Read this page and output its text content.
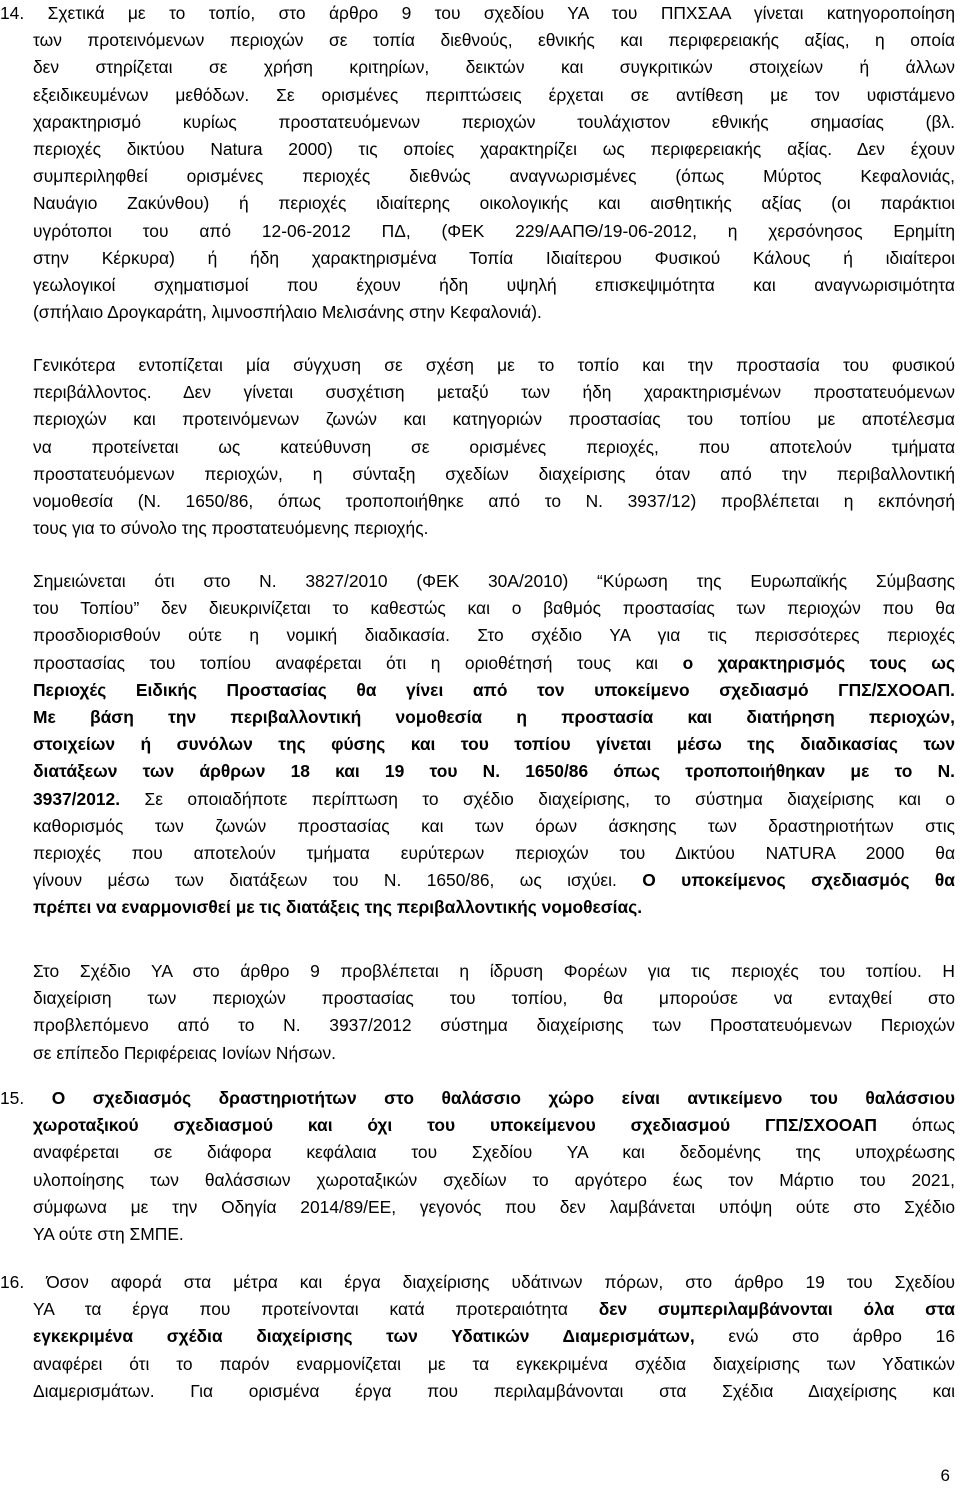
14. Σχετικά με το τοπίο, στο άρθρο 9 του σχεδίου ΥΑ του ΠΠΧΣΑΑ γίνεται κατηγοροποίηση
των προτεινόμενων περιοχών σε τοπία διεθνούς, εθνικής και περιφερειακής αξίας, η οποία
δεν στηρίζεται σε χρήση κριτηρίων, δεικτών και συγκριτικών στοιχείων ή άλλων
εξειδικευμένων μεθόδων. Σε ορισμένες περιπτώσεις έρχεται σε αντίθεση με τον υφιστάμενο
χαρακτηρισμό κυρίως προστατευόμενων περιοχών τουλάχιστον εθνικής σημασίας (βλ.
περιοχές δικτύου Natura 2000) τις οποίες χαρακτηρίζει ως περιφερειακής αξίας. Δεν έχουν
συμπεριληφθεί ορισμένες περιοχές διεθνώς αναγνωρισμένες (όπως Μύρτος Κεφαλονιάς,
Ναυάγιο Ζακύνθου) ή περιοχές ιδιαίτερης οικολογικής και αισθητικής αξίας (οι παράκτιοι
υγρότοποι του από 12-06-2012 ΠΔ, (ΦΕΚ 229/ΑΑΠΘ/19-06-2012, η χερσόνησος Ερημίτη
στην Κέρκυρα) ή ήδη χαρακτηρισμένα Τοπία Ιδιαίτερου Φυσικού Κάλους ή ιδιαίτεροι
γεωλογικοί σχηματισμοί που έχουν ήδη υψηλή επισκεψιμότητα και αναγνωρισιμότητα
(σπήλαιο Δρογκαράτη, λιμνοσπήλαιο Μελισάνης στην Κεφαλονιά).
Γενικότερα εντοπίζεται μία σύγχυση σε σχέση με το τοπίο και την προστασία του φυσικού
περιβάλλοντος. Δεν γίνεται συσχέτιση μεταξύ των ήδη χαρακτηρισμένων προστατευόμενων
περιοχών και προτεινόμενων ζωνών και κατηγοριών προστασίας του τοπίου με αποτέλεσμα
να προτείνεται ως κατεύθυνση σε ορισμένες περιοχές, που αποτελούν τμήματα
προστατευόμενων περιοχών, η σύνταξη σχεδίων διαχείρισης όταν από την περιβαλλοντική
νομοθεσία (Ν. 1650/86, όπως τροποποιήθηκε από το Ν. 3937/12) προβλέπεται η εκπόνησή
τους για το σύνολο της προστατευόμενης περιοχής.
Σημειώνεται ότι στο Ν. 3827/2010 (ΦΕΚ 30Α/2010) “Κύρωση της Ευρωπαϊκής Σύμβασης
του Τοπίου” δεν διευκρινίζεται το καθεστώς και ο βαθμός προστασίας των περιοχών που θα
προσδιορισθούν ούτε η νομική διαδικασία. Στο σχέδιο ΥΑ για τις περισσότερες περιοχές
προστασίας του τοπίου αναφέρεται ότι η οριοθέτησή τους και ο χαρακτηρισμός τους ως
Περιοχές Ειδικής Προστασίας θα γίνει από τον υποκείμενο σχεδιασμό ΓΠΣ/ΣΧΟΟΑΠ.
Με βάση την περιβαλλοντική νομοθεσία η προστασία και διατήρηση περιοχών,
στοιχείων ή συνόλων της φύσης και του τοπίου γίνεται μέσω της διαδικασίας των
διατάξεων των άρθρων 18 και 19 του Ν. 1650/86 όπως τροποποιήθηκαν με το Ν.
3937/2012. Σε οποιαδήποτε περίπτωση το σχέδιο διαχείρισης, το σύστημα διαχείρισης και ο
καθορισμός των ζωνών προστασίας και των όρων άσκησης των δραστηριοτήτων στις
περιοχές που αποτελούν τμήματα ευρύτερων περιοχών του Δικτύου NATURA 2000 θα
γίνουν μέσω των διατάξεων του Ν. 1650/86, ως ισχύει. Ο υποκείμενος σχεδιασμός θα
πρέπει να εναρμονισθεί με τις διατάξεις της περιβαλλοντικής νομοθεσίας.
Στο Σχέδιο ΥΑ στο άρθρο 9 προβλέπεται η ίδρυση Φορέων για τις περιοχές του τοπίου. Η
διαχείριση των περιοχών προστασίας του τοπίου, θα μπορούσε να ενταχθεί στο
προβλεπόμενο από το Ν. 3937/2012 σύστημα διαχείρισης των Προστατευόμενων Περιοχών
σε επίπεδο Περιφέρειας Ιονίων Νήσων.
15. Ο σχεδιασμός δραστηριοτήτων στο θαλάσσιο χώρο είναι αντικείμενο του θαλάσσιου
χωροταξικού σχεδιασμού και όχι του υποκείμενου σχεδιασμού ΓΠΣ/ΣΧΟΟΑΠ όπως
αναφέρεται σε διάφορα κεφάλαια του Σχεδίου ΥΑ και δεδομένης της υποχρέωσης
υλοποίησης των θαλάσσιων χωροταξικών σχεδίων το αργότερο έως τον Μάρτιο του 2021,
σύμφωνα με την Οδηγία 2014/89/ΕΕ, γεγονός που δεν λαμβάνεται υπόψη ούτε στο Σχέδιο
ΥΑ ούτε στη ΣΜΠΕ.
16. Όσον αφορά στα μέτρα και έργα διαχείρισης υδάτινων πόρων, στο άρθρο 19 του Σχεδίου
ΥΑ τα έργα που προτείνονται κατά προτεραιότητα δεν συμπεριλαμβάνονται όλα στα
εγκεκριμένα σχέδια διαχείρισης των Υδατικών Διαμερισμάτων, ενώ στο άρθρο 16
αναφέρει ότι το παρόν εναρμονίζεται με τα εγκεκριμένα σχέδια διαχείρισης των Υδατικών
Διαμερισμάτων. Για ορισμένα έργα που περιλαμβάνονται στα Σχέδια Διαχείρισης και
6
